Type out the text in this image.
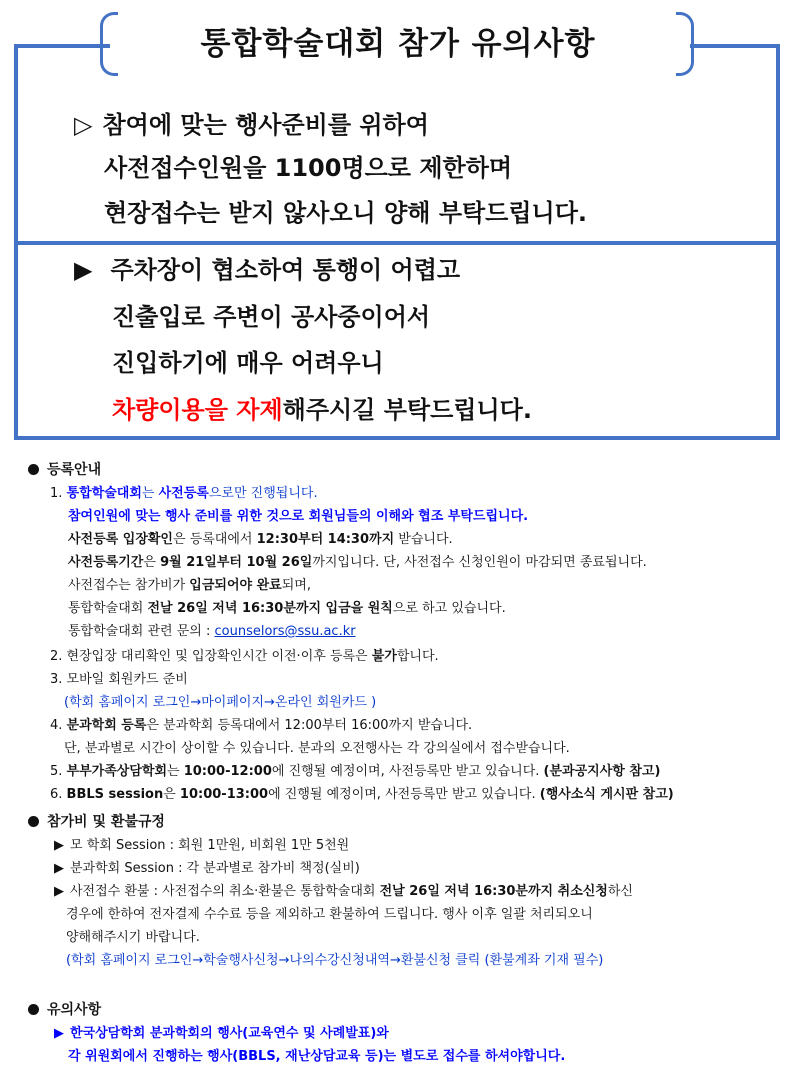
통합학술대회 참가 유의사항
▷ 참여에 맞는 행사준비를 위하여
사전접수인원을 1100명으로 제한하며
현장접수는 받지 않사오니 양해 부탁드립니다.
▶ 주차장이 협소하여 통행이 어렵고
진출입로 주변이 공사중이어서
진입하기에 매우 어려우니
차량이용을 자제해주시길 부탁드립니다.
등록안내
1. 통합학술대회는 사전등록으로만 진행됩니다.
참여인원에 맞는 행사 준비를 위한 것으로 회원님들의 이해와 협조 부탁드립니다.
사전등록 입장확인은 등록대에서 12:30부터 14:30까지 받습니다.
사전등록기간은 9월 21일부터 10월 26일까지입니다. 단, 사전접수 신청인원이 마감되면 종료됩니다.
사전접수는 참가비가 입금되어야 완료되며,
통합학술대회 전날 26일 저녁 16:30분까지 입금을 원칙으로 하고 있습니다.
통합학술대회 관련 문의 : counselors@ssu.ac.kr
2. 현장입장 대리확인 및 입장확인시간 이전·이후 등록은 불가합니다.
3. 모바일 회원카드 준비
(학회 홈페이지 로그인→마이페이지→온라인 회원카드 )
4. 분과학회 등록은 분과학회 등록대에서 12:00부터 16:00까지 받습니다.
단, 분과별로 시간이 상이할 수 있습니다. 분과의 오전행사는 각 강의실에서 접수받습니다.
5. 부부가족상담학회는 10:00-12:00에 진행될 예정이며, 사전등록만 받고 있습니다. (분과공지사항 참고)
6. BBLS session은 10:00-13:00에 진행될 예정이며, 사전등록만 받고 있습니다. (행사소식 게시판 참고)
참가비 및 환불규정
▶ 모 학회 Session : 회원 1만원, 비회원 1만 5천원
▶ 분과학회 Session : 각 분과별로 참가비 책정(실비)
▶ 사전접수 환불 : 사전접수의 취소·환불은 통합학술대회 전날 26일 저녁 16:30분까지 취소신청하신
경우에 한하여 전자결제 수수료 등을 제외하고 환불하여 드립니다. 행사 이후 일괄 처리되오니
양해해주시기 바랍니다.
(학회 홈페이지 로그인→학술행사신청→나의수강신청내역→환불신청 클릭 (환불계좌 기재 필수)
유의사항
▶ 한국상담학회 분과학회의 행사(교육연수 및 사례발표)와
각 위원회에서 진행하는 행사(BBLS, 재난상담교육 등)는 별도로 접수를 하셔야합니다.
